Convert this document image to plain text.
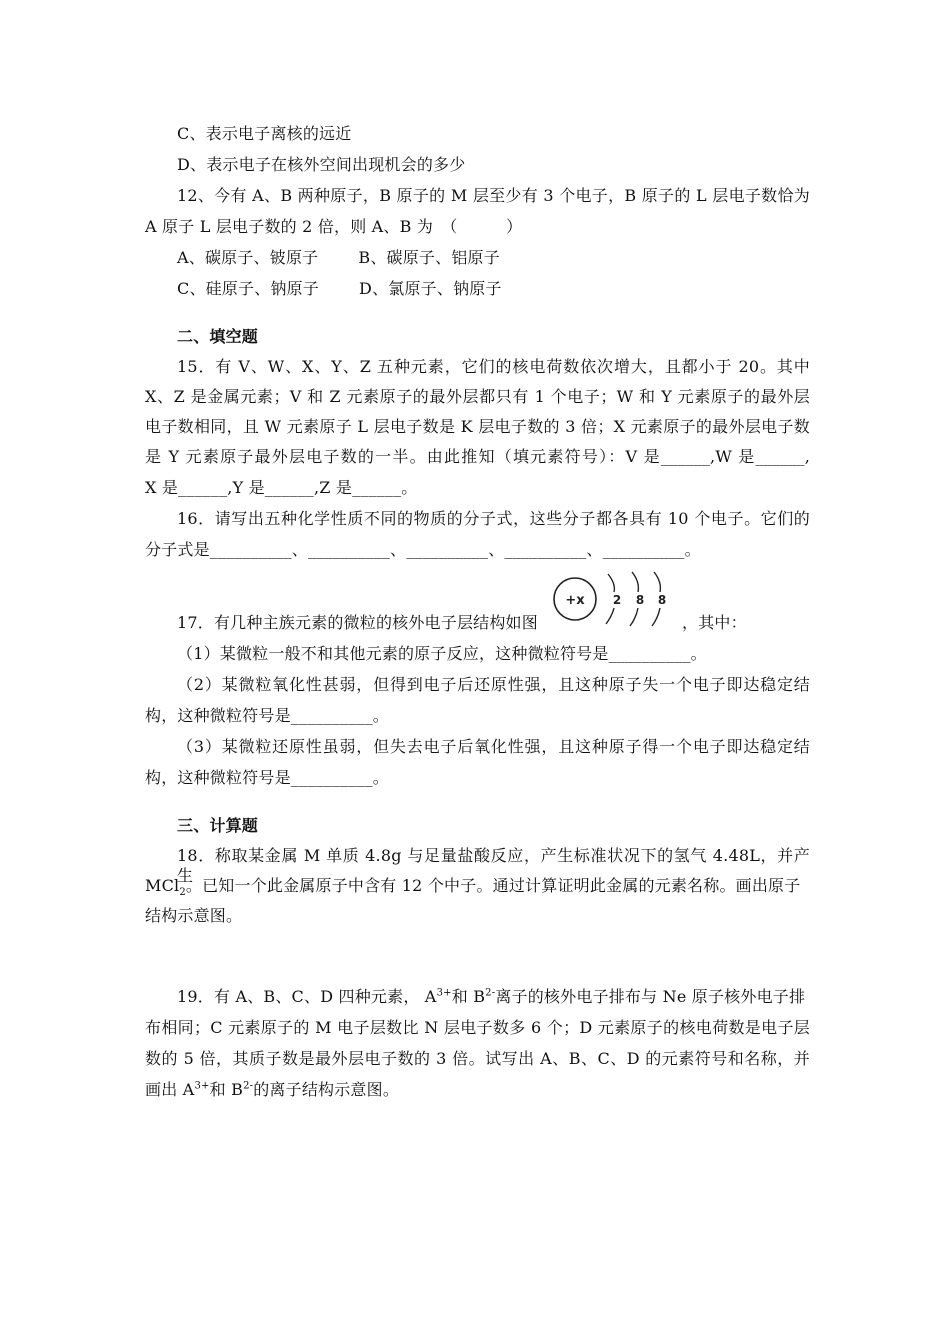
C、表示电子离核的远近
D、表示电子在核外空间出现机会的多少
12、今有 A、B 两种原子，B 原子的 M 层至少有 3 个电子，B 原子的 L 层电子数恰为
A 原子 L 层电子数的 2 倍，则 A、B 为　（　　　）
A、碳原子、铍原子	B、碳原子、铝原子
C、硅原子、钠原子	D、氯原子、钠原子
二、填空题
15．有 V、W、X、Y、Z 五种元素，它们的核电荷数依次增大，且都小于 20。其中
X、Z 是金属元素；V 和 Z 元素原子的最外层都只有 1 个电子；W 和 Y 元素原子的最外层
电子数相同，且 W 元素原子 L 层电子数是 K 层电子数的 3 倍；X 元素原子的最外层电子数
是 Y 元素原子最外层电子数的一半。由此推知（填元素符号）：V 是______,W 是______,
X 是______,Y 是______,Z 是______。
16．请写出五种化学性质不同的物质的分子式，这些分子都各具有 10 个电子。它们的
分子式是__________、__________、__________、__________、__________。
17．有几种主族元素的微粒的核外电子层结构如图
+x 2 8 8
，其中：
（1）某微粒一般不和其他元素的原子反应，这种微粒符号是__________。
（2）某微粒氧化性甚弱，但得到电子后还原性强，且这种原子失一个电子即达稳定结
构，这种微粒符号是__________。
（3）某微粒还原性虽弱，但失去电子后氧化性强，且这种原子得一个电子即达稳定结
构，这种微粒符号是__________。
三、计算题
18．称取某金属 M 单质 4.8g 与足量盐酸反应，产生标准状况下的氢气 4.48L，并产生
MCl$_2$。已知一个此金属原子中含有 12 个中子。通过计算证明此金属的元素名称。画出原子
结构示意图。
19．有 A、B、C、D 四种元素， $A^{3+}$和 $B^{2-}$离子的核外电子排布与 Ne 原子核外电子排
布相同；C 元素原子的 M 电子层数比 N 层电子数多 6 个；D 元素原子的核电荷数是电子层
数的 5 倍，其质子数是最外层电子数的 3 倍。试写出 A、B、C、D 的元素符号和名称，并
画出 $A^{3+}$和 $B^{2-}$的离子结构示意图。
